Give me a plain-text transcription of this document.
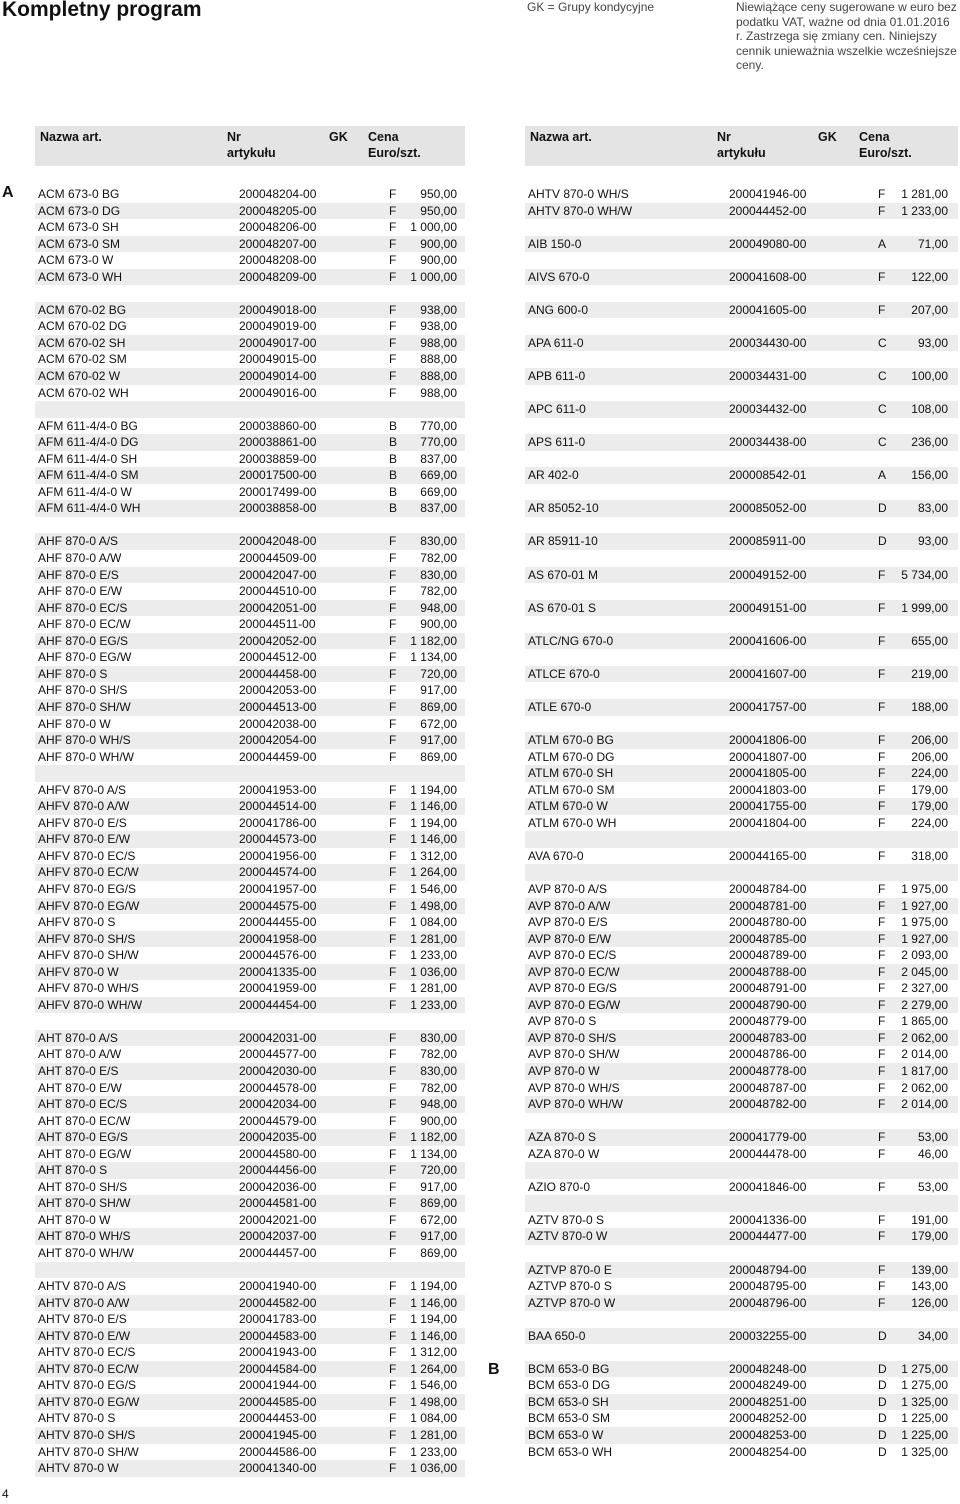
Kompletny program	GK = Grupy kondycyjne	Niewiążące ceny sugerowane w euro bez podatku VAT, ważne od dnia 01.01.2016 r. Zastrzega się zmiany cen. Niniejszy cennik unieważnia wszelkie wcześniejsze ceny.
Nazwa art.	Nr
artykułu
GK Cena
Euro/szt.
Nazwa art.	Nr
artykułu
GK Cena
Euro/szt.
A
B
ACM 673-0 BG	200048204-00	F 950,00
ACM 673-0 DG	200048205-00	F 950,00
ACM 673-0 SH	200048206-00	F 1 000,00
ACM 673-0 SM	200048207-00	F 900,00
ACM 673-0 W	200048208-00	F 900,00
ACM 673-0 WH	200048209-00	F 1 000,00
ACM 670-02 BG	200049018-00	F 938,00
ACM 670-02 DG	200049019-00	F 938,00
ACM 670-02 SH	200049017-00	F 988,00
ACM 670-02 SM	200049015-00	F 888,00
ACM 670-02 W	200049014-00	F 888,00
ACM 670-02 WH	200049016-00	F 988,00
AFM 611-4/4-0 BG	200038860-00	B 770,00
AFM 611-4/4-0 DG	200038861-00	B 770,00
AFM 611-4/4-0 SH	200038859-00	B 837,00
AFM 611-4/4-0 SM	200017500-00	B 669,00
AFM 611-4/4-0 W	200017499-00	B 669,00
AFM 611-4/4-0 WH	200038858-00	B 837,00
AHF 870-0 A/S	200042048-00	F 830,00
AHF 870-0 A/W	200044509-00	F 782,00
AHF 870-0 E/S	200042047-00	F 830,00
AHF 870-0 E/W	200044510-00	F 782,00
AHF 870-0 EC/S	200042051-00	F 948,00
AHF 870-0 EC/W	200044511-00	F 900,00
AHF 870-0 EG/S	200042052-00	F 1 182,00
AHF 870-0 EG/W	200044512-00	F 1 134,00
AHF 870-0 S	200044458-00	F 720,00
AHF 870-0 SH/S	200042053-00	F 917,00
AHF 870-0 SH/W	200044513-00	F 869,00
AHF 870-0 W	200042038-00	F 672,00
AHF 870-0 WH/S	200042054-00	F 917,00
AHF 870-0 WH/W	200044459-00	F 869,00
AHFV 870-0 A/S	200041953-00	F 1 194,00
AHFV 870-0 A/W	200044514-00	F 1 146,00
AHFV 870-0 E/S	200041786-00	F 1 194,00
AHFV 870-0 E/W	200044573-00	F 1 146,00
AHFV 870-0 EC/S	200041956-00	F 1 312,00
AHFV 870-0 EC/W	200044574-00	F 1 264,00
AHFV 870-0 EG/S	200041957-00	F 1 546,00
AHFV 870-0 EG/W	200044575-00	F 1 498,00
AHFV 870-0 S	200044455-00	F 1 084,00
AHFV 870-0 SH/S	200041958-00	F 1 281,00
AHFV 870-0 SH/W	200044576-00	F 1 233,00
AHFV 870-0 W	200041335-00	F 1 036,00
AHFV 870-0 WH/S	200041959-00	F 1 281,00
AHFV 870-0 WH/W	200044454-00	F 1 233,00
AHT 870-0 A/S	200042031-00	F 830,00
AHT 870-0 A/W	200044577-00	F 782,00
AHT 870-0 E/S	200042030-00	F 830,00
AHT 870-0 E/W	200044578-00	F 782,00
AHT 870-0 EC/S	200042034-00	F 948,00
AHT 870-0 EC/W	200044579-00	F 900,00
AHT 870-0 EG/S	200042035-00	F 1 182,00
AHT 870-0 EG/W	200044580-00	F 1 134,00
AHT 870-0 S	200044456-00	F 720,00
AHT 870-0 SH/S	200042036-00	F 917,00
AHT 870-0 SH/W	200044581-00	F 869,00
AHT 870-0 W	200042021-00	F 672,00
AHT 870-0 WH/S	200042037-00	F 917,00
AHT 870-0 WH/W	200044457-00	F 869,00
AHTV 870-0 A/S	200041940-00	F 1 194,00
AHTV 870-0 A/W	200044582-00	F 1 146,00
AHTV 870-0 E/S	200041783-00	F 1 194,00
AHTV 870-0 E/W	200044583-00	F 1 146,00
AHTV 870-0 EC/S	200041943-00	F 1 312,00
AHTV 870-0 EC/W	200044584-00	F 1 264,00
AHTV 870-0 EG/S	200041944-00	F 1 546,00
AHTV 870-0 EG/W	200044585-00	F 1 498,00
AHTV 870-0 S	200044453-00	F 1 084,00
AHTV 870-0 SH/S	200041945-00	F 1 281,00
AHTV 870-0 SH/W	200044586-00	F 1 233,00
AHTV 870-0 W	200041340-00	F 1 036,00
AHTV 870-0 WH/S	200041946-00	F 1 281,00
AHTV 870-0 WH/W	200044452-00	F 1 233,00
AIB 150-0	200049080-00	A	71,00
AIVS 670-0	200041608-00	F 122,00
ANG 600-0	200041605-00	F 207,00
APA 611-0	200034430-00	C	93,00
APB 611-0	200034431-00	C 100,00
APC 611-0	200034432-00	C 108,00
APS 611-0	200034438-00	C 236,00
AR 402-0	200008542-01	A 156,00
AR 85052-10	200085052-00	D	83,00
AR 85911-10	200085911-00	D	93,00
AS 670-01 M	200049152-00	F 5 734,00
AS 670-01 S	200049151-00	F 1 999,00
ATLC/NG 670-0	200041606-00	F 655,00
ATLCE 670-0	200041607-00	F 219,00
ATLE 670-0	200041757-00	F 188,00
ATLM 670-0 BG	200041806-00	F 206,00
ATLM 670-0 DG	200041807-00	F 206,00
ATLM 670-0 SH	200041805-00	F 224,00
ATLM 670-0 SM	200041803-00	F 179,00
ATLM 670-0 W	200041755-00	F 179,00
ATLM 670-0 WH	200041804-00	F 224,00
AVA 670-0	200044165-00	F 318,00
AVP 870-0 A/S	200048784-00	F 1 975,00
AVP 870-0 A/W	200048781-00	F 1 927,00
AVP 870-0 E/S	200048780-00	F 1 975,00
AVP 870-0 E/W	200048785-00	F 1 927,00
AVP 870-0 EC/S	200048789-00	F 2 093,00
AVP 870-0 EC/W	200048788-00	F 2 045,00
AVP 870-0 EG/S	200048791-00	F 2 327,00
AVP 870-0 EG/W	200048790-00	F 2 279,00
AVP 870-0 S	200048779-00	F 1 865,00
AVP 870-0 SH/S	200048783-00	F 2 062,00
AVP 870-0 SH/W	200048786-00	F 2 014,00
AVP 870-0 W	200048778-00	F 1 817,00
AVP 870-0 WH/S	200048787-00	F 2 062,00
AVP 870-0 WH/W	200048782-00	F 2 014,00
AZA 870-0 S	200041779-00	F	53,00
AZA 870-0 W	200044478-00	F	46,00
AZIO 870-0	200041846-00	F	53,00
AZTV 870-0 S	200041336-00	F 191,00
AZTV 870-0 W	200044477-00	F 179,00
AZTVP 870-0 E	200048794-00	F 139,00
AZTVP 870-0 S	200048795-00	F 143,00
AZTVP 870-0 W	200048796-00	F 126,00
BAA 650-0	200032255-00	D	34,00
BCM 653-0 BG	200048248-00	D 1 275,00
BCM 653-0 DG	200048249-00	D 1 275,00
BCM 653-0 SH	200048251-00	D 1 325,00
BCM 653-0 SM	200048252-00	D 1 225,00
BCM 653-0 W	200048253-00	D 1 225,00
BCM 653-0 WH	200048254-00	D 1 325,00
4
